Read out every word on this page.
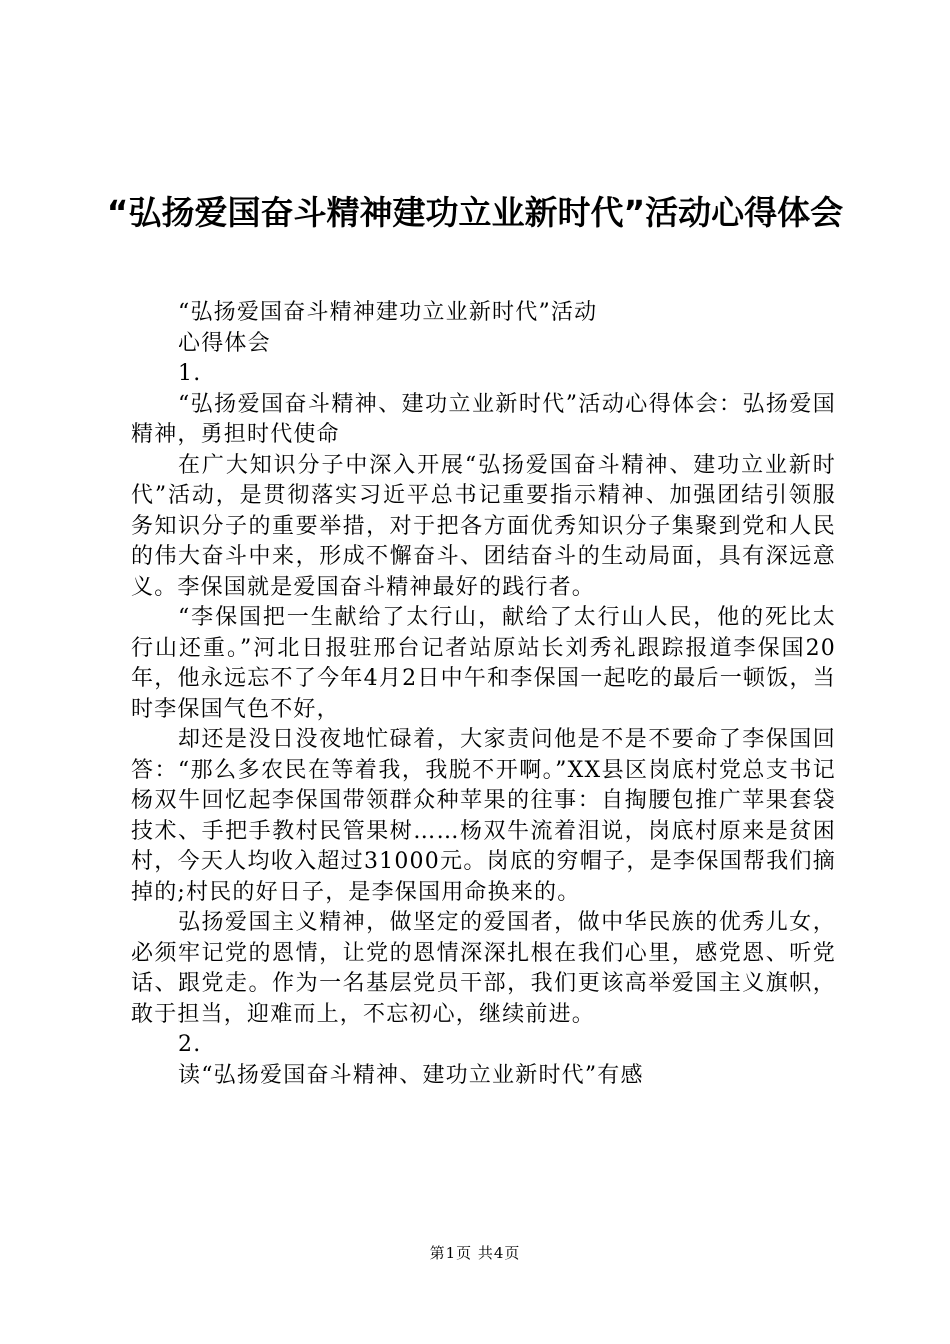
“弘扬爱国奋斗精神建功立业新时代”活动心得体会

“弘扬爱国奋斗精神建功立业新时代”活动

心得体会

1.

“弘扬爱国奋斗精神、建功立业新时代”活动心得体会：弘扬爱国精神，勇担时代使命

在广大知识分子中深入开展“弘扬爱国奋斗精神、建功立业新时代”活动，是贯彻落实习近平总书记重要指示精神、加强团结引领服务知识分子的重要举措，对于把各方面优秀知识分子集聚到党和人民的伟大奋斗中来，形成不懈奋斗、团结奋斗的生动局面，具有深远意义。李保国就是爱国奋斗精神最好的践行者。

“李保国把一生献给了太行山，献给了太行山人民，他的死比太行山还重。”河北日报驻邢台记者站原站长刘秀礼跟踪报道李保国20年，他永远忘不了今年4月2日中午和李保国一起吃的最后一顿饭，当时李保国气色不好，

却还是没日没夜地忙碌着，大家责问他是不是不要命了李保国回答：“那么多农民在等着我，我脱不开啊。”XX县区岗底村党总支书记杨双牛回忆起李保国带领群众种苹果的往事：自掏腰包推广苹果套袋技术、手把手教村民管果树……杨双牛流着泪说，岗底村原来是贫困村，今天人均收入超过31000元。岗底的穷帽子，是李保国帮我们摘掉的;村民的好日子，是李保国用命换来的。

弘扬爱国主义精神，做坚定的爱国者，做中华民族的优秀儿女，必须牢记党的恩情，让党的恩情深深扎根在我们心里，感党恩、听党话、跟党走。作为一名基层党员干部，我们更该高举爱国主义旗帜，敢于担当，迎难而上，不忘初心，继续前进。

2.

读“弘扬爱国奋斗精神、建功立业新时代”有感

第1页 共4页
